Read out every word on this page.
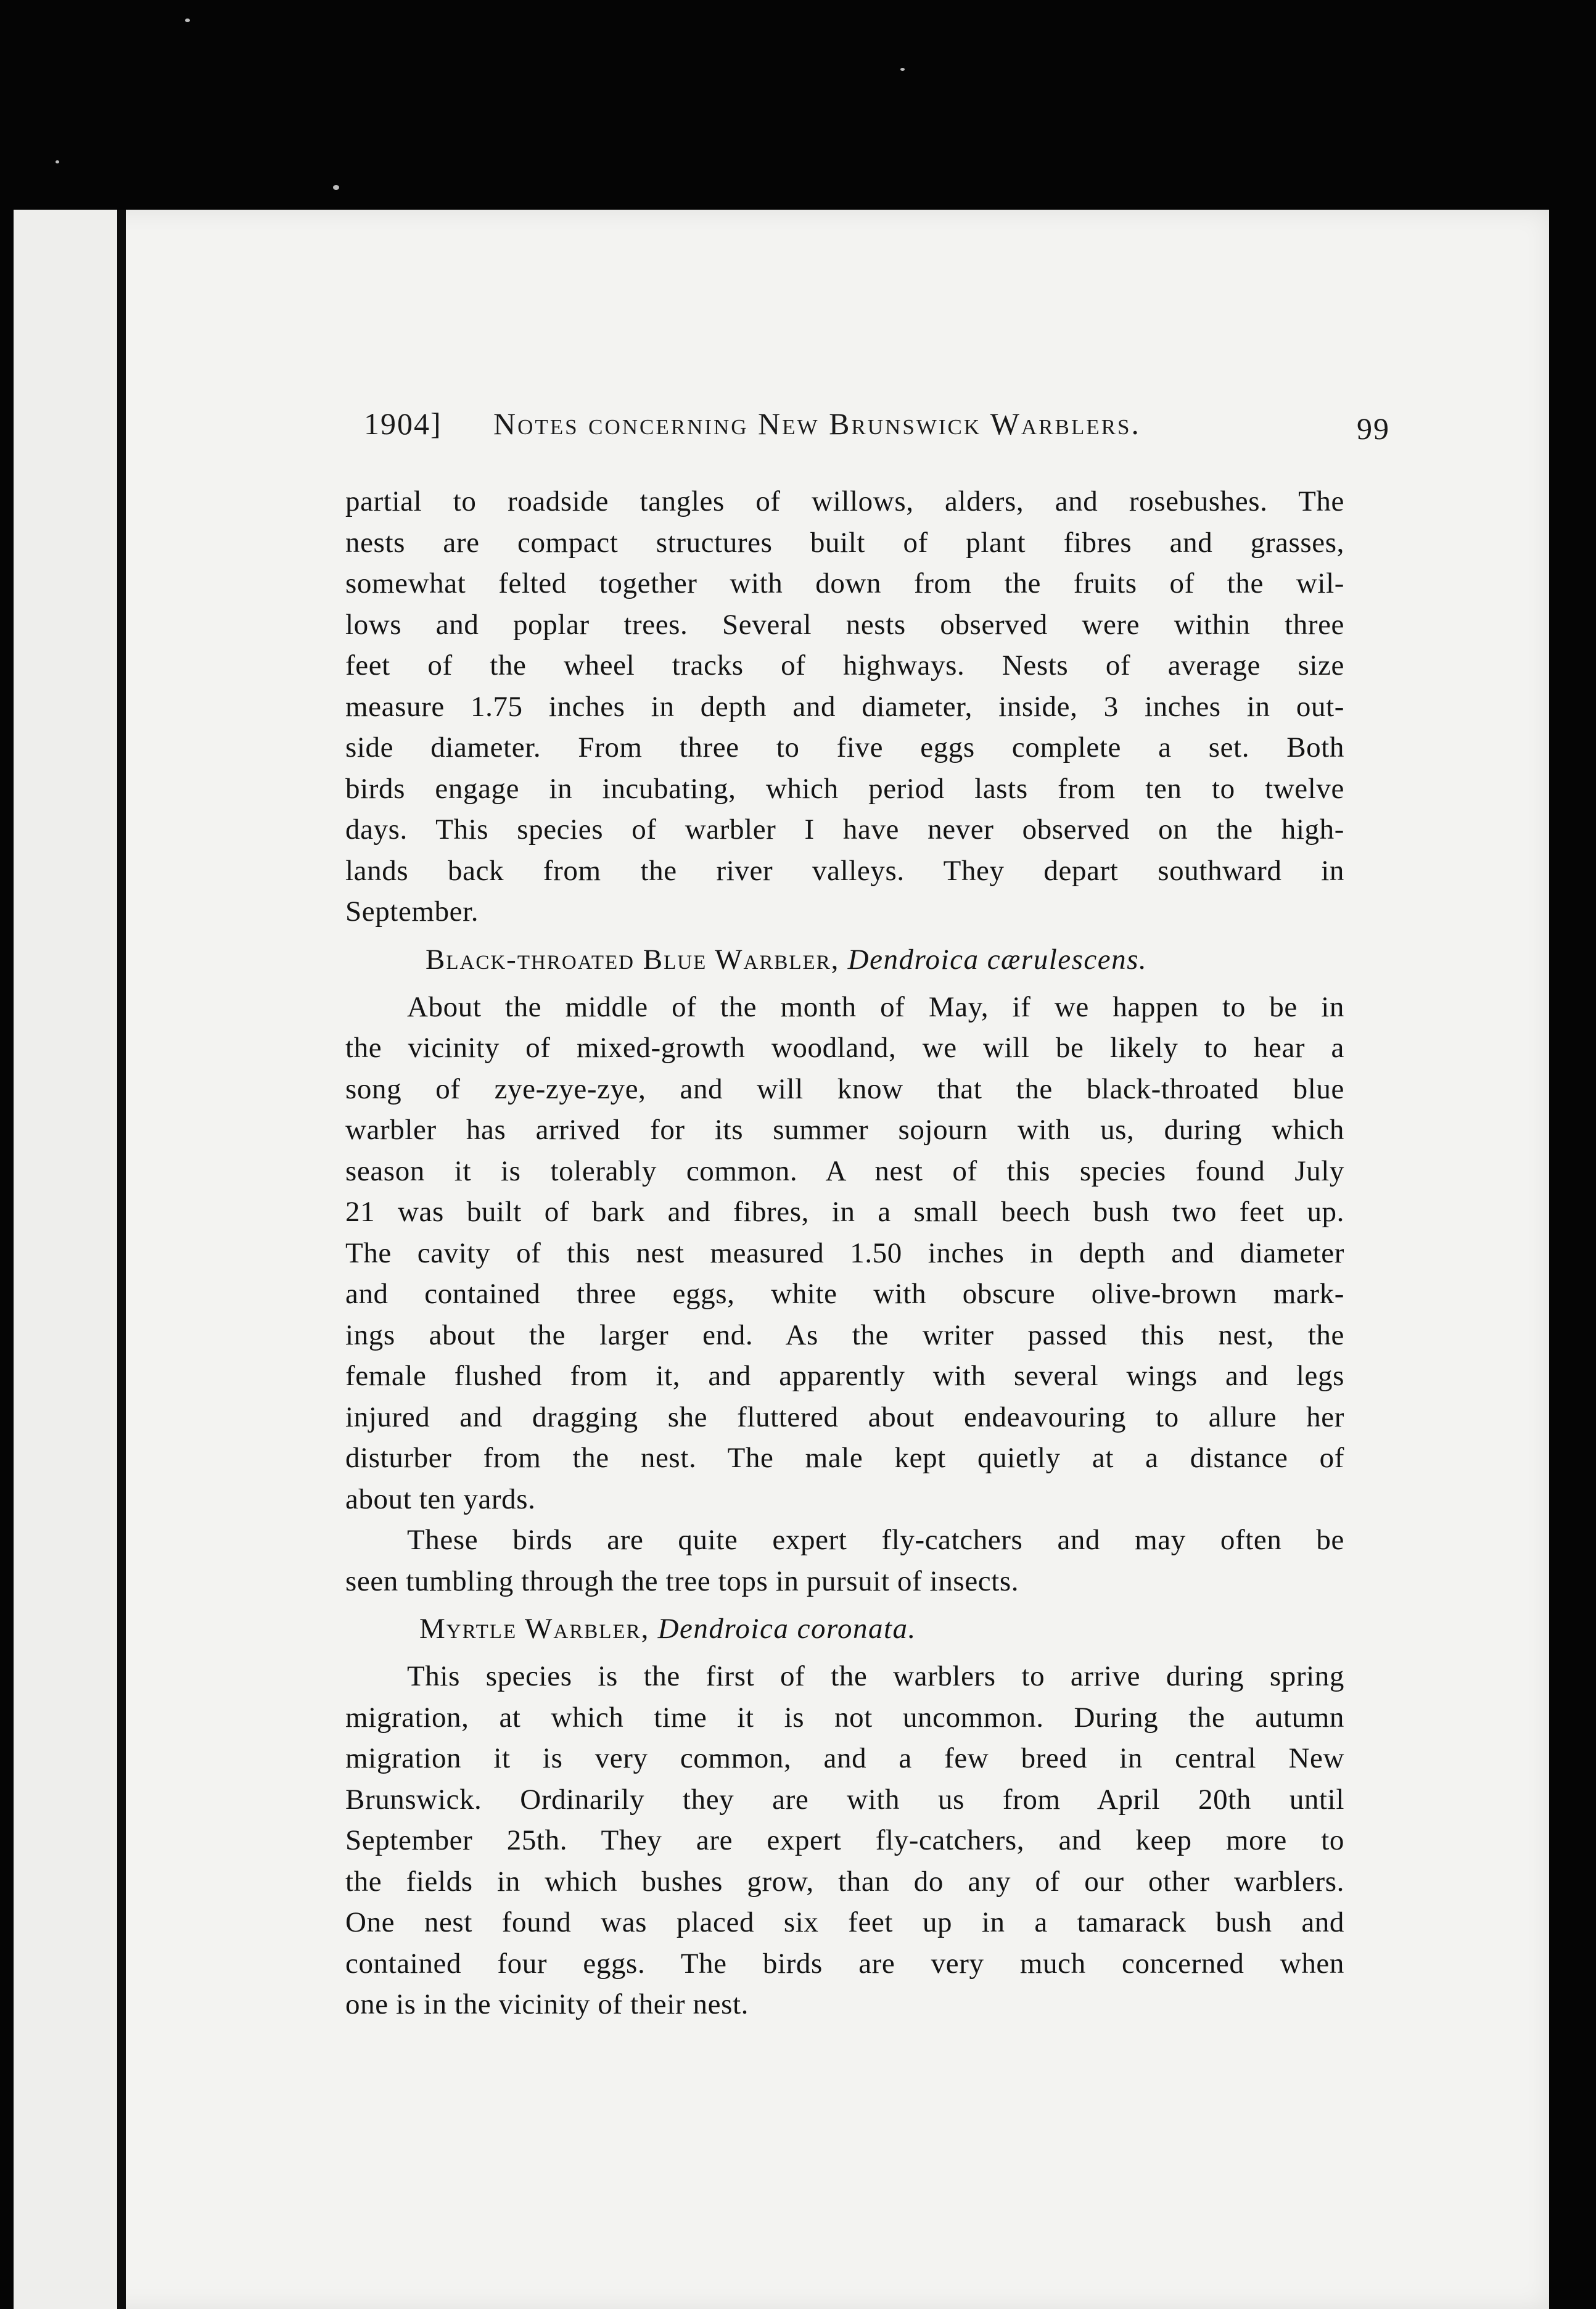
1904] Notes concerning New Brunswick Warblers.	99
partial to roadside tangles of willows, alders, and rosebushes. The
nests are compact structures built of plant fibres and grasses,
somewhat felted together with down from the fruits of the wil-
lows and poplar trees. Several nests observed were within three
feet of the wheel tracks of highways. Nests of average size
measure 1.75 inches in depth and diameter, inside, 3 inches in out-
side diameter. From three to five eggs complete a set. Both
birds engage in incubating, which period lasts from ten to twelve
days. This species of warbler I have never observed on the high-
lands back from the river valleys. They depart southward in
September.
Black-throated Blue Warbler, Dendroica cærulescens.
About the middle of the month of May, if we happen to be in
the vicinity of mixed-growth woodland, we will be likely to hear a
song of zye-zye-zye, and will know that the black-throated blue
warbler has arrived for its summer sojourn with us, during which
season it is tolerably common. A nest of this species found July
21 was built of bark and fibres, in a small beech bush two feet up.
The cavity of this nest measured 1.50 inches in depth and diameter
and contained three eggs, white with obscure olive-brown mark-
ings about the larger end. As the writer passed this nest, the
female flushed from it, and apparently with several wings and legs
injured and dragging she fluttered about endeavouring to allure her
disturber from the nest. The male kept quietly at a distance of
about ten yards.
These birds are quite expert fly-catchers and may often be
seen tumbling through the tree tops in pursuit of insects.
Myrtle Warbler, Dendroica coronata.
This species is the first of the warblers to arrive during spring
migration, at which time it is not uncommon. During the autumn
migration it is very common, and a few breed in central New
Brunswick. Ordinarily they are with us from April 20th until
September 25th. They are expert fly-catchers, and keep more to
the fields in which bushes grow, than do any of our other warblers.
One nest found was placed six feet up in a tamarack bush and
contained four eggs. The birds are very much concerned when
one is in the vicinity of their nest.
